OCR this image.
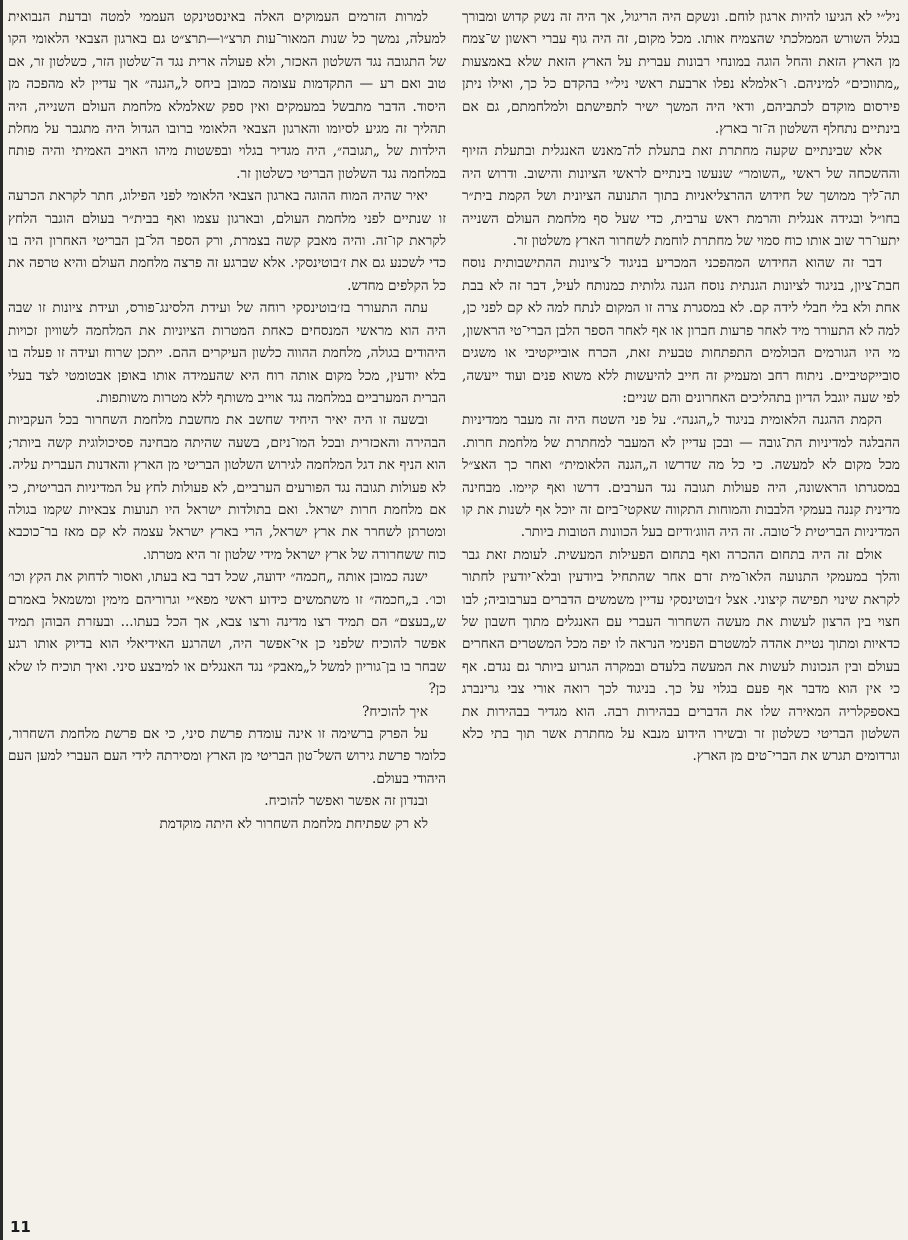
ניל״י לא הגיעו להיות ארגון לוחם. ונשקם היה הריגול, אך היה זה נשק קדוש ומבורך בגלל השורש הממלכתי שהצמיח אותו. מכל מקום, זה היה גוף עברי ראשון ש־צמח מן הארץ הזאת והחל הוגה במונחי רבונות עברית על הארץ הזאת שלא באמצעות „מתווכים״ למיניהם. ו־אלמלא נפלו ארבעת ראשי ניל״י בהקדם כל כך, ואילו ניתן פירסום מוקדם לכתביהם, ודאי היה המשך ישיר לתפישתם ולמלחמתם, גם אם בינתיים נתחלף השלטון ה־זר בארץ.

אלא שבינתיים שקעה מחתרת זאת בתעלת לה־מאנש האנגלית ובתעלת הזיוף וההשכחה של ראשי „השומר״ שנעשו בינתיים לראשי הציונות והישוב. ודרוש היה תה־ליך ממושך של חידוש ההרצליאניות בתוך התנועה הציונית ושל הקמת בית״ר בחו״ל ובגידה אנגלית והרמת ראש ערבית, כדי שעל סף מלחמת העולם השנייה יתעו־רר שוב אותו כוח סמוי של מחתרת לוחמת לשחרור הארץ משלטון זר.

דבר זה שהוא החידוש המהפכני המכריע בניגוד ל־ציונות ההתישבותית נוסח חבת־ציון, בניגוד לציונות הגנתית נוסח הגנה גלותית כמנותח לעיל, דבר זה לא בבת אחת ולא בלי חבלי לידה קם. לא במסגרת צרה זו המקום לנתח למה לא קם לפני כן, למה לא התעורר מיד לאחר פרעות חברון או אף לאחר הספר הלבן הברי־טי הראשון, מי היו הגורמים הבולמים התפתחות טבעית זאת, הכרח אובייקטיבי או משגים סובייקטיביים. ניתוח רחב ומעמיק זה חייב להיעשות ללא משוא פנים ועוד ייעשה, לפי שעה יוגבל הדיון בתהליכים האחרונים והם שניים:

הקמת ההגנה הלאומית בניגוד ל„הגנה״. על פני השטח היה זה מעבר ממדיניות ההבלגה למדיניות הת־גובה — ובכן עדיין לא המעבר למחתרת של מלחמת חרות. מכל מקום לא למעשה. כי כל מה שדרשו ה„הגנה הלאומית״ ואחר כך האצ״ל במסגרתו הראשונה, היה פעולות תגובה נגד הערבים. דרשו ואף קיימו. מבחינה מדינית קננה בעמקי הלבבות והמוחות התקווה שאקטי־ביזם זה יוכל אף לשנות את קו המדיניות הבריטית ל־טובה. זה היה הווג׳ודיזם בעל הכוונות הטובות ביותר.

אולם זה היה בתחום ההכרה ואף בתחום הפעילות המעשית. לעומת זאת גבר והלך במעמקי התנועה הלאו־מית זרם אחר שהתחיל ביודעין ובלא־יודעין לחתור לקראת שינוי תפישה קיצוני. אצל ז׳בוטינסקי עדיין משמשים הדברים בערבוביה; לבו חצוי בין הרצון לעשות את מעשה השחרור העברי עם האנגלים מתוך חשבון של כדאיות ומתוך נטיית אהדה למשטרם הפנימי הנראה לו יפה מכל המשטרים האחרים בעולם ובין הנכונות לעשות את המעשה בלעדם ובמקרה הגרוע ביותר גם נגדם. אף כי אין הוא מדבר אף פעם בגלוי על כך. בניגוד לכך רואה אורי צבי גרינברג באספקלריה המאירה שלו את הדברים בבהירות רבה. הוא מגדיר בבהירות את השלטון הבריטי כשלטון זר ובשירו הידוע מנבא על מחתרת אשר תוך בתי כלא וגרדומים תגרש את הברי־טים מן הארץ.

למרות הזרמים העמוקים האלה באינסטינקט העממי למטה ובדעת הנבואית למעלה, נמשך כל שנות המאור־עות תרצ״ו—תרצ״ט גם בארגון הצבאי הלאומי הקו של התגובה נגד השלטון האכזר, ולא פעולה ארית נגד ה־שלטון הזר, כשלטון זר, אם טוב ואם רע — התקדמות עצומה כמובן ביחס ל„הגנה״ אך עדיין לא מהפכה מן היסוד. הדבר מתבשל במעמקים ואין ספק שאלמלא מלחמת העולם השנייה, היה תהליך זה מגיע לסיומו והארגון הצבאי הלאומי ברובו הגדול היה מתגבר על מחלת הילדות של „תגובה״, היה מגדיר בגלוי ובפשטות מיהו האויב האמיתי והיה פותח במלחמה נגד השלטון הבריטי כשלטון זר.

יאיר שהיה המוח ההוגה בארגון הצבאי הלאומי לפני הפילוג, חתר לקראת הכרעה זו שנתיים לפני מלחמת העולם, ובארגון עצמו ואף בבית״ר בעולם הוגבר הלחץ לקראת קו־זה. והיה מאבק קשה בצמרת, ורק הספר הל־בן הבריטי האחרון היה בו כדי לשכנע גם את ז׳בוטינסקי. אלא שברגע זה פרצה מלחמת העולם והיא טרפה את כל הקלפים מחדש.

עתה התעורר בז׳בוטינסקי רוחה של ועידת הלסינג־פורס, ועידת ציונות זו שבה היה הוא מראשי המנסחים כאחת המטרות הציוניות את המלחמה לשוויון זכויות היהודים בגולה, מלחמת ההווה כלשון העיקרים ההם. ייתכן שרוח ועידה זו פעלה בו בלא יודעין, מכל מקום אותה רוח היא שהעמידה אותו באופן אבטומטי לצד בעלי הברית המערביים במלחמה נגד אוייב משותף ללא מטרות משותפות.

ובשעה זו היה יאיר היחיד שחשב את מחשבת מלחמת השחרור בכל העקביות הבהירה והאכזרית ובכל המו־ניזם, בשעה שהיתה מבחינה פסיכולוגית קשה ביותר; הוא הניף את דגל המלחמה לגירוש השלטון הבריטי מן הארץ והאדנות העברית עליה. לא פעולות תגובה נגד הפורעים הערביים, לא פעולות לחץ על המדיניות הבריטית, כי אם מלחמת חרות ישראל. ואם בתולדות ישראל היו תנועות צבאיות שקמו בגולה ומטרתן לשחרר את ארץ ישראל, הרי בארץ ישראל עצמה לא קם מאז בר־כוכבא כוח ששחרורה של ארץ ישראל מידי שלטון זר היא מטרתו.

ישנה כמובן אותה „חכמה״ ידועה, שכל דבר בא בעתו, ואסור לדחוק את הקץ וכו׳ וכו׳. ב„חכמה״ זו משתמשים כידוע ראשי מפא״י וגרוריהם מימין ומשמאל באמרם ש„בעצם״ הם תמיד רצו מדינה ורצו צבא, אך הכל בעתו... ובעזרת הבוהן תמיד אפשר להוכיח שלפני כן אי־אפשר היה, ושהרגע האידיאלי הוא בדיוק אותו רגע שבחר בו בן־גוריון למשל ל„מאבק״ נגד האנגלים או למיבצע סיני. ואיך תוכיח לו שלא כן?

איך להוכיח?

על הפרק ברשימה זו אינה עומדת פרשת סיני, כי אם פרשת מלחמת השחרור, כלומר פרשת גירוש השל־טון הבריטי מן הארץ ומסירתה לידי העם העברי למען העם היהודי בעולם.

ובנדון זה אפשר ואפשר להוכיח.

לא רק שפתיחת מלחמת השחרור לא היתה מוקדמת

11
